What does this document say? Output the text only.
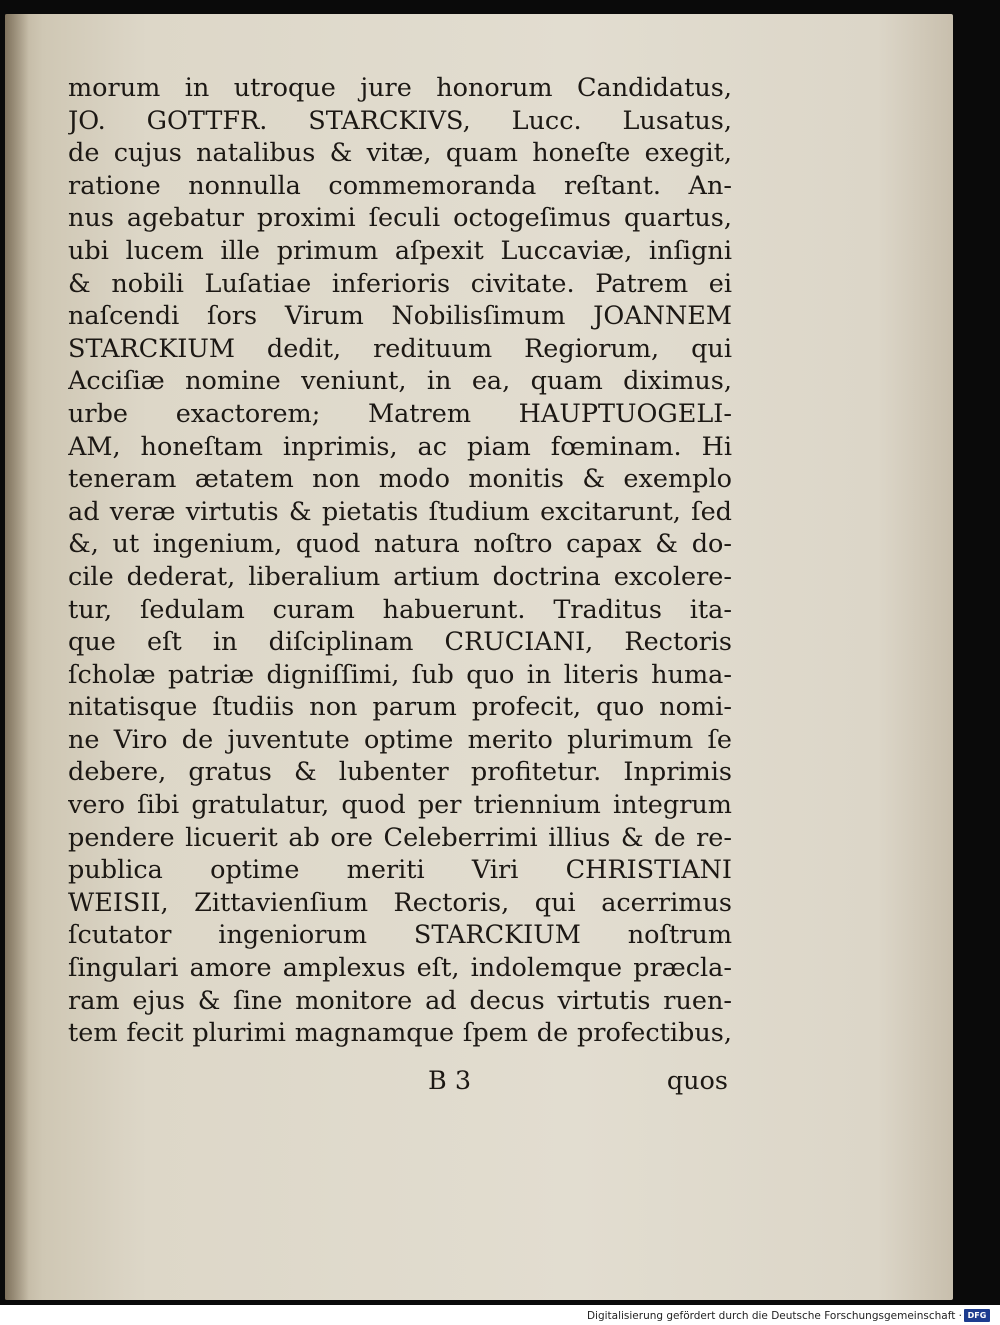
morum in utroque jure honorum Candidatus,
JO. GOTTFR. STARCKIVS, Lucc. Lusatus,
de cujus natalibus & vitæ, quam honeſte exegit,
ratione nonnulla commemoranda reſtant. An-
nus agebatur proximi ſeculi octogeſimus quartus,
ubi lucem ille primum aſpexit Luccaviæ, inſigni
& nobili Luſatiae inferioris civitate. Patrem ei
naſcendi ſors Virum Nobilisſimum JOANNEM
STARCKIUM dedit, redituum Regiorum, qui
Acciſiæ nomine veniunt, in ea, quam diximus,
urbe exactorem; Matrem HAUPTUOGELI-
AM, honeſtam inprimis, ac piam fœminam. Hi
teneram ætatem non modo monitis & exemplo
ad veræ virtutis & pietatis ſtudium excitarunt, ſed
&, ut ingenium, quod natura noſtro capax & do-
cile dederat, liberalium artium doctrina excolere-
tur, ſedulam curam habuerunt. Traditus ita-
que eſt in diſciplinam CRUCIANI, Rectoris
ſcholæ patriæ digniſſimi, ſub quo in literis huma-
nitatisque ſtudiis non parum profecit, quo nomi-
ne Viro de juventute optime merito plurimum ſe
debere, gratus & lubenter profitetur. Inprimis
vero ſibi gratulatur, quod per triennium integrum
pendere licuerit ab ore Celeberrimi illius & de re-
publica optime meriti Viri CHRISTIANI
WEISII, Zittavienſium Rectoris, qui acerrimus
ſcutator ingeniorum STARCKIUM noſtrum
ſingulari amore amplexus eſt, indolemque præcla-
ram ejus & ſine monitore ad decus virtutis ruen-
tem fecit plurimi magnamque ſpem de profectibus,
B 3	quos
Digitalisierung gefördert durch die Deutsche Forschungsgemeinschaft · DFG
